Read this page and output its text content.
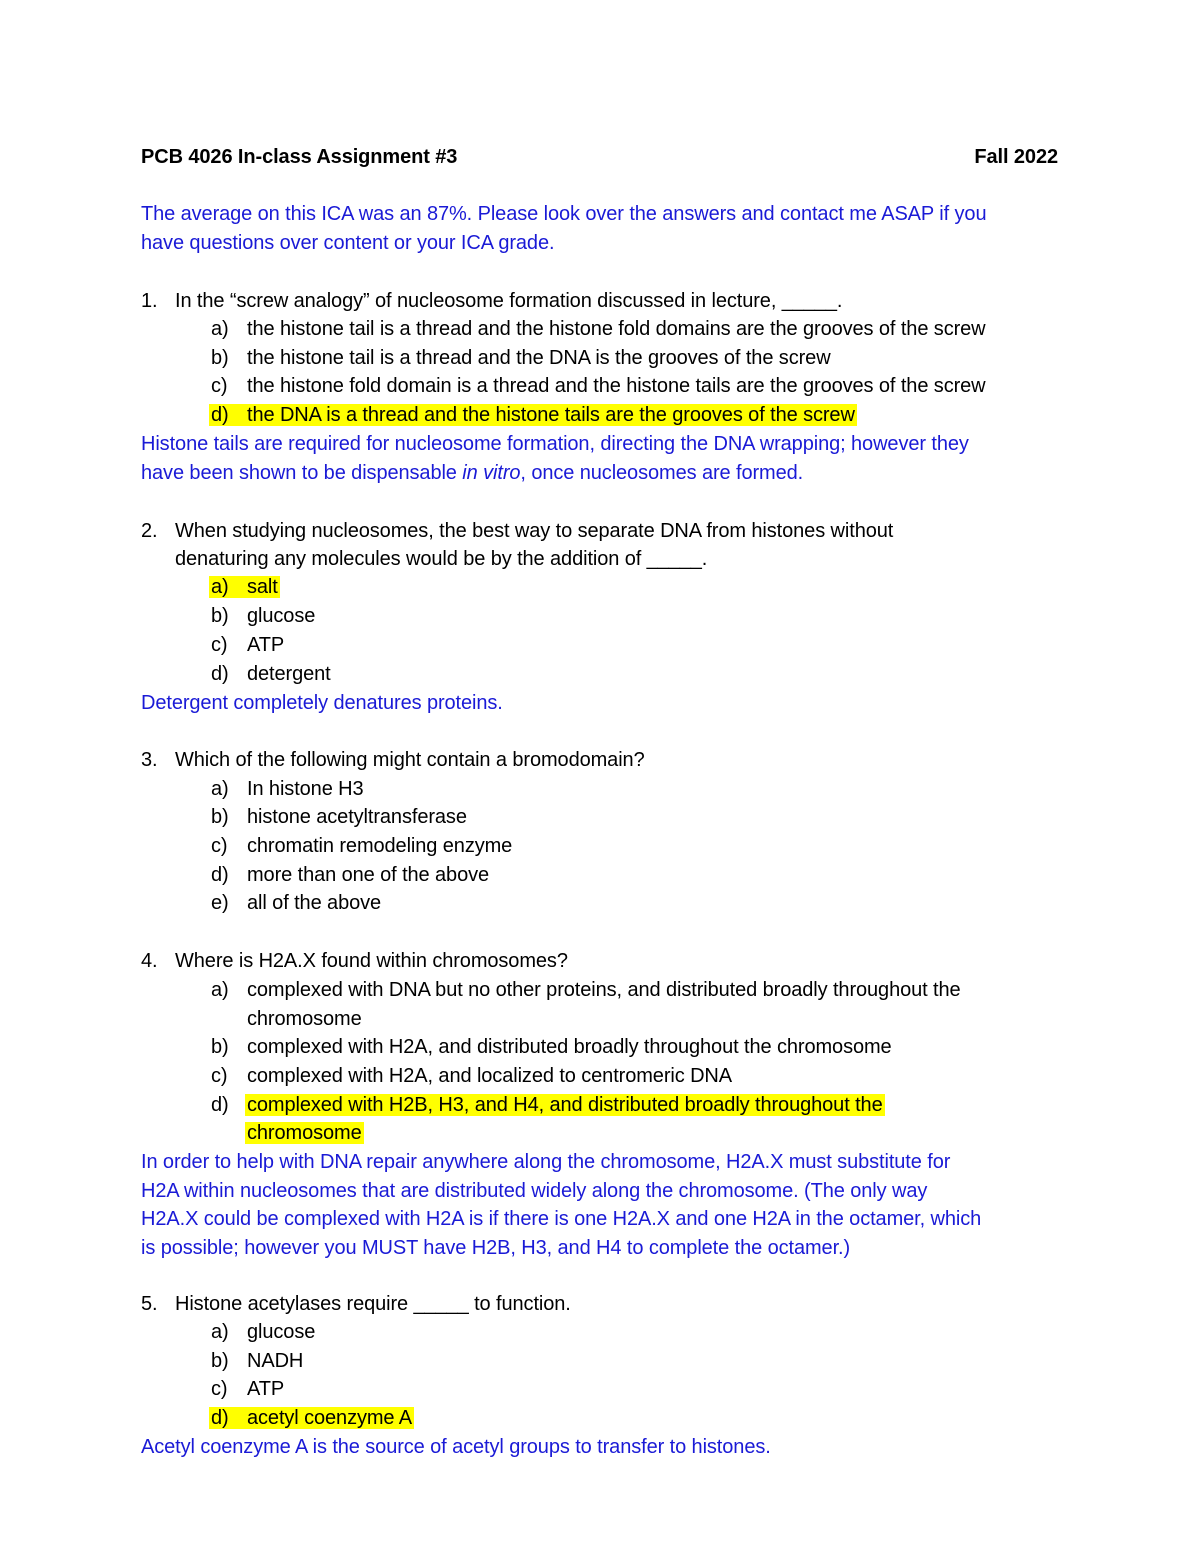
PCB 4026 In-class Assignment #3	Fall 2022
The average on this ICA was an 87%. Please look over the answers and contact me ASAP if you
have questions over content or your ICA grade.
1. In the “screw analogy” of nucleosome formation discussed in lecture, _____.
a) the histone tail is a thread and the histone fold domains are the grooves of the screw
b) the histone tail is a thread and the DNA is the grooves of the screw
c) the histone fold domain is a thread and the histone tails are the grooves of the screw
d) the DNA is a thread and the histone tails are the grooves of the screw
Histone tails are required for nucleosome formation, directing the DNA wrapping; however they
have been shown to be dispensable in vitro, once nucleosomes are formed.
2. When studying nucleosomes, the best way to separate DNA from histones without
denaturing any molecules would be by the addition of _____.
a) salt
b) glucose
c) ATP
d) detergent
Detergent completely denatures proteins.
3. Which of the following might contain a bromodomain?
a) In histone H3
b) histone acetyltransferase
c) chromatin remodeling enzyme
d) more than one of the above
e) all of the above
4. Where is H2A.X found within chromosomes?
a) complexed with DNA but no other proteins, and distributed broadly throughout the
chromosome
b) complexed with H2A, and distributed broadly throughout the chromosome
c) complexed with H2A, and localized to centromeric DNA
d) complexed with H2B, H3, and H4, and distributed broadly throughout the
chromosome
In order to help with DNA repair anywhere along the chromosome, H2A.X must substitute for
H2A within nucleosomes that are distributed widely along the chromosome. (The only way
H2A.X could be complexed with H2A is if there is one H2A.X and one H2A in the octamer, which
is possible; however you MUST have H2B, H3, and H4 to complete the octamer.)
5. Histone acetylases require _____ to function.
a) glucose
b) NADH
c) ATP
d) acetyl coenzyme A
Acetyl coenzyme A is the source of acetyl groups to transfer to histones.
